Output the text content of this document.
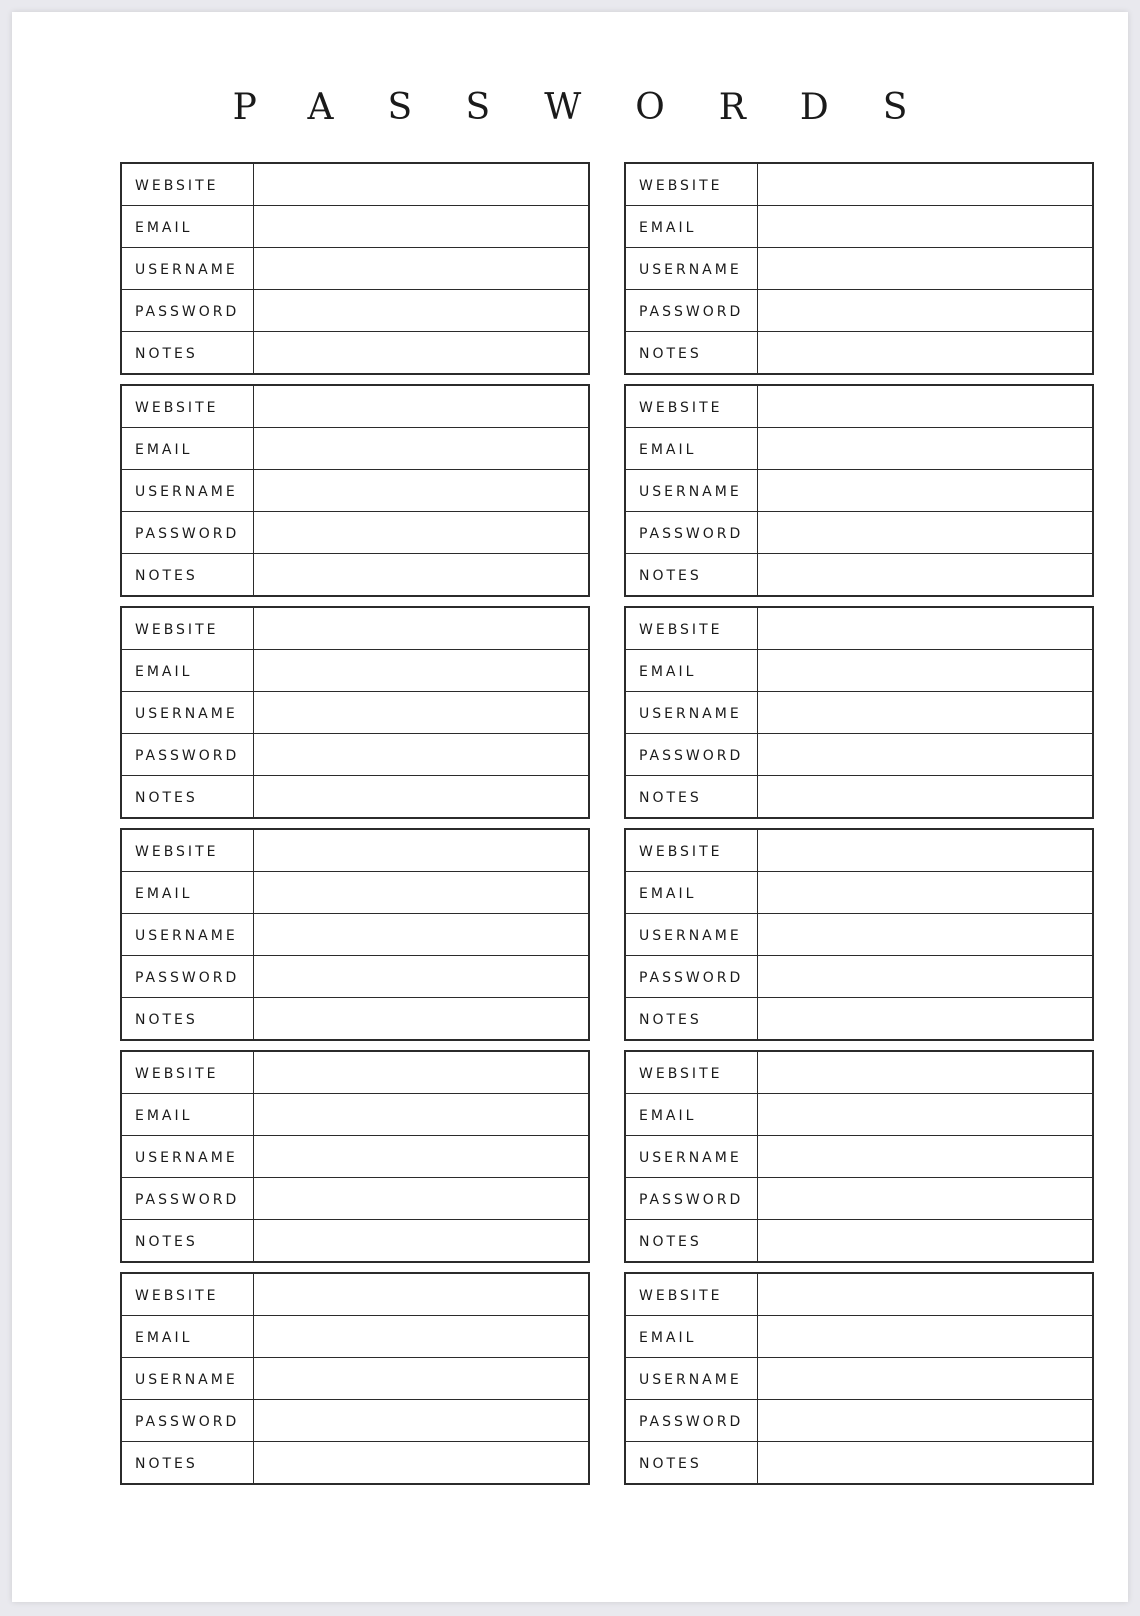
PASSWORDS
WEBSITE	
EMAIL	
USERNAME	
PASSWORD	
NOTES	
WEBSITE	
EMAIL	
USERNAME	
PASSWORD	
NOTES	
WEBSITE	
EMAIL	
USERNAME	
PASSWORD	
NOTES	
WEBSITE	
EMAIL	
USERNAME	
PASSWORD	
NOTES	
WEBSITE	
EMAIL	
USERNAME	
PASSWORD	
NOTES	
WEBSITE	
EMAIL	
USERNAME	
PASSWORD	
NOTES	
WEBSITE	
EMAIL	
USERNAME	
PASSWORD	
NOTES	
WEBSITE	
EMAIL	
USERNAME	
PASSWORD	
NOTES	
WEBSITE	
EMAIL	
USERNAME	
PASSWORD	
NOTES	
WEBSITE	
EMAIL	
USERNAME	
PASSWORD	
NOTES	
WEBSITE	
EMAIL	
USERNAME	
PASSWORD	
NOTES	
WEBSITE	
EMAIL	
USERNAME	
PASSWORD	
NOTES	
